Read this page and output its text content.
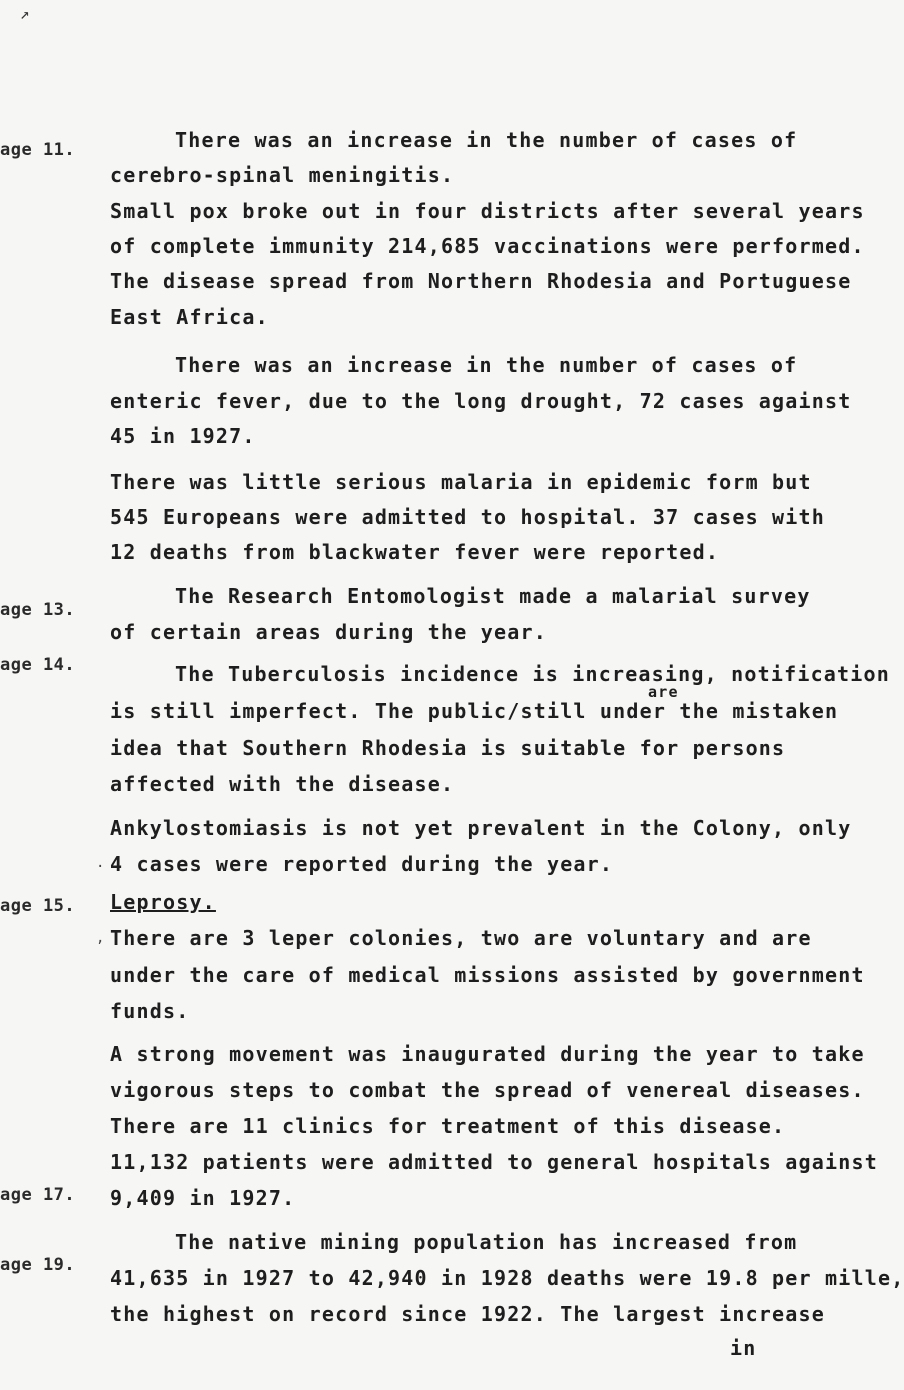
↗
age 11.
age 13.
age 14.
age 15.
age 17.
age 19.
There was an increase in the number of cases of
cerebro-spinal meningitis.
Small pox broke out in four districts after several years
of complete immunity 214,685 vaccinations were performed.
The disease spread from Northern Rhodesia and Portuguese
East Africa.
There was an increase in the number of cases of
enteric fever, due to the long drought, 72 cases against
45 in 1927.
There was little serious malaria in epidemic form but
545 Europeans were admitted to hospital. 37 cases with
12 deaths from blackwater fever were reported.
The Research Entomologist made a malarial survey
of certain areas during the year.
The Tuberculosis incidence is increasing, notification
are
is still imperfect. The public/still under the mistaken
idea that Southern Rhodesia is suitable for persons
affected with the disease.
Ankylostomiasis is not yet prevalent in the Colony, only
. 4 cases were reported during the year.
Leprosy.
, There are 3 leper colonies, two are voluntary and are
under the care of medical missions assisted by government
funds.
A strong movement was inaugurated during the year to take
vigorous steps to combat the spread of venereal diseases.
There are 11 clinics for treatment of this disease.
11,132 patients were admitted to general hospitals against
9,409 in 1927.
The native mining population has increased from
41,635 in 1927 to 42,940 in 1928 deaths were 19.8 per mille,
the highest on record since 1922. The largest increase
in
